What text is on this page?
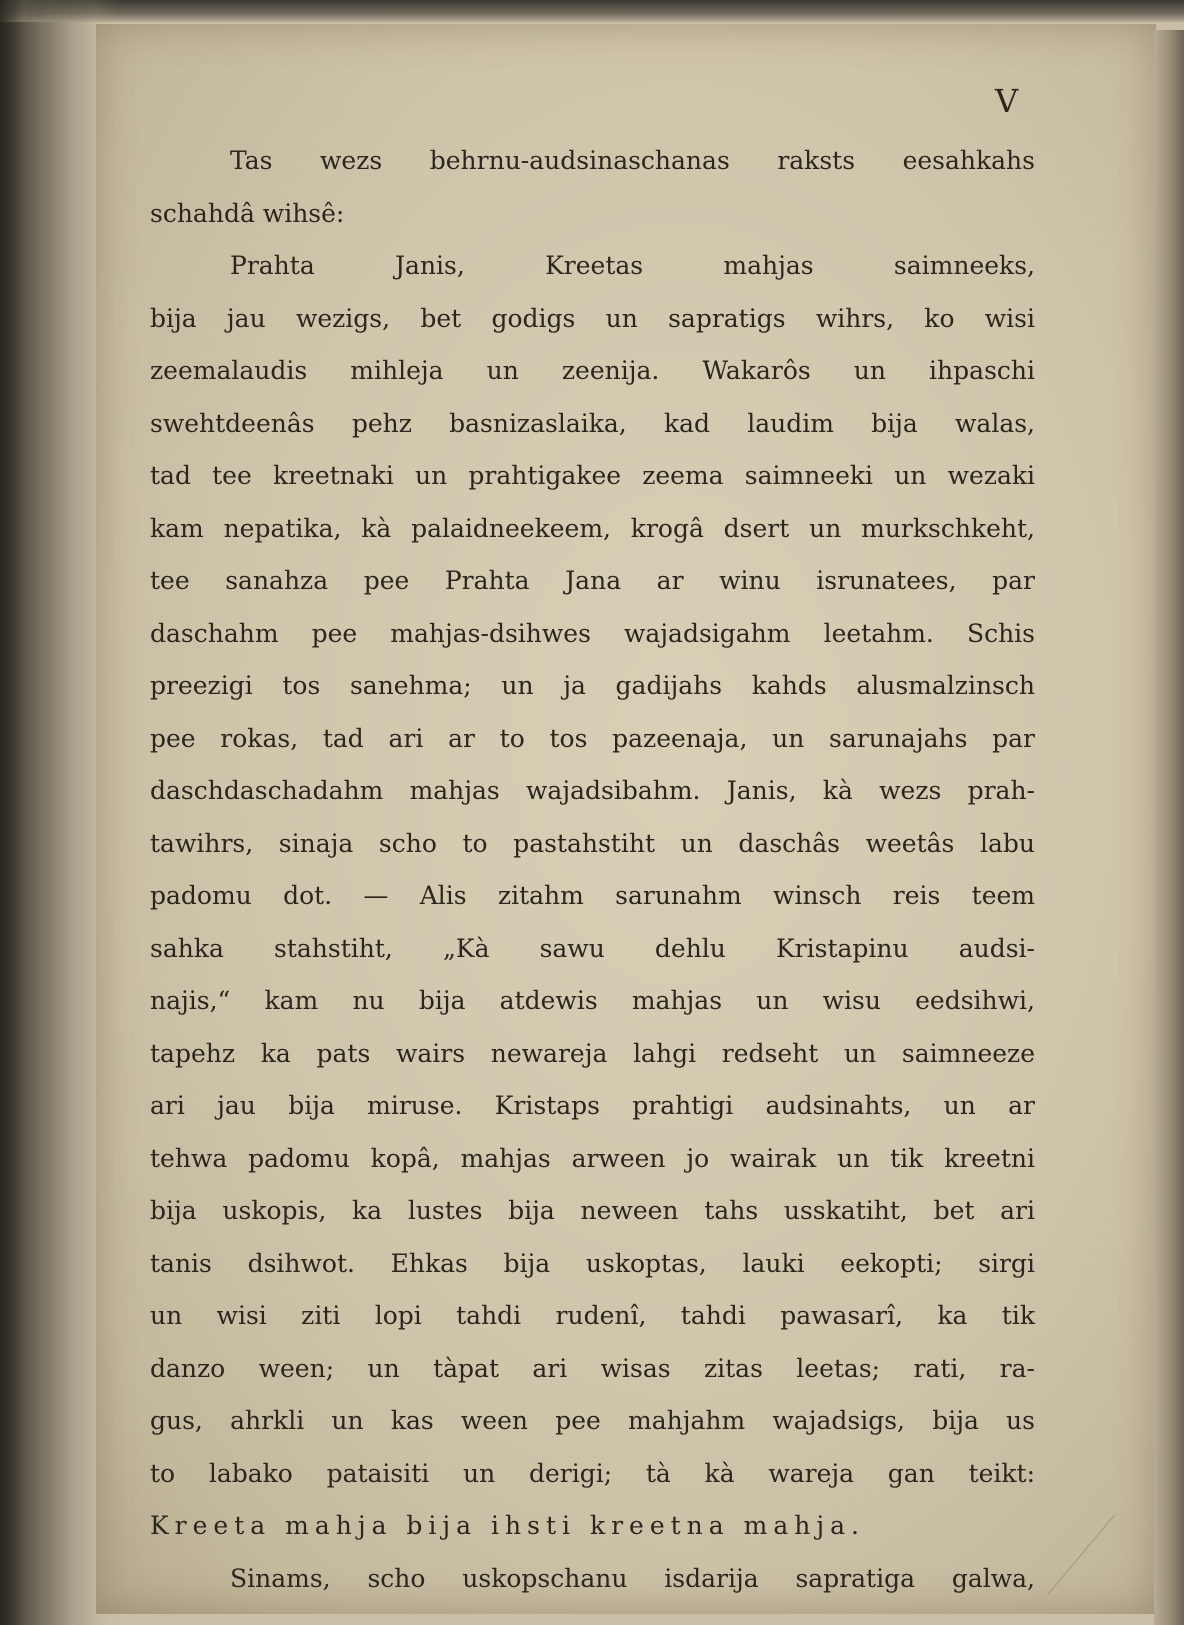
V
Tas wezs behrnu-audsinaschanas raksts eesahkahs
schahdâ wihsê:
Prahta Janis, Kreetas mahjas saimneeks,
bija jau wezigs, bet godigs un sapratigs wihrs, ko wisi
zeemalaudis mihleja un zeenija. Wakarôs un ihpaschi
swehtdeenâs pehz basnizaslaika, kad laudim bija walas,
tad tee kreetnaki un prahtigakee zeema saimneeki un wezaki
kam nepatika, kà palaidneekeem, krogâ dsert un murkschkeht,
tee sanahza pee Prahta Jana ar winu isrunatees, par
daschahm pee mahjas-dsihwes wajadsigahm leetahm. Schis
preezigi tos sanehma; un ja gadijahs kahds alusmalzinsch
pee rokas, tad ari ar to tos pazeenaja, un sarunajahs par
daschdaschadahm mahjas wajadsibahm. Janis, kà wezs prah-
tawihrs, sinaja scho to pastahstiht un daschâs weetâs labu
padomu dot. — Alis zitahm sarunahm winsch reis teem
sahka stahstiht, „Kà sawu dehlu Kristapinu audsi-
najis,“ kam nu bija atdewis mahjas un wisu eedsihwi,
tapehz ka pats wairs newareja lahgi redseht un saimneeze
ari jau bija miruse. Kristaps prahtigi audsinahts, un ar
tehwa padomu kopâ, mahjas arween jo wairak un tik kreetni
bija uskopis, ka lustes bija neween tahs usskatiht, bet ari
tanis dsihwot. Ehkas bija uskoptas, lauki eekopti; sirgi
un wisi ziti lopi tahdi rudenî, tahdi pawasarî, ka tik
danzo ween; un tàpat ari wisas zitas leetas; rati, ra-
gus, ahrkli un kas ween pee mahjahm wajadsigs, bija us
to labako pataisiti un derigi; tà kà wareja gan teikt:
Kreeta mahja bija ihsti kreetna mahja.
Sinams, scho uskopschanu isdarija sapratiga galwa,
